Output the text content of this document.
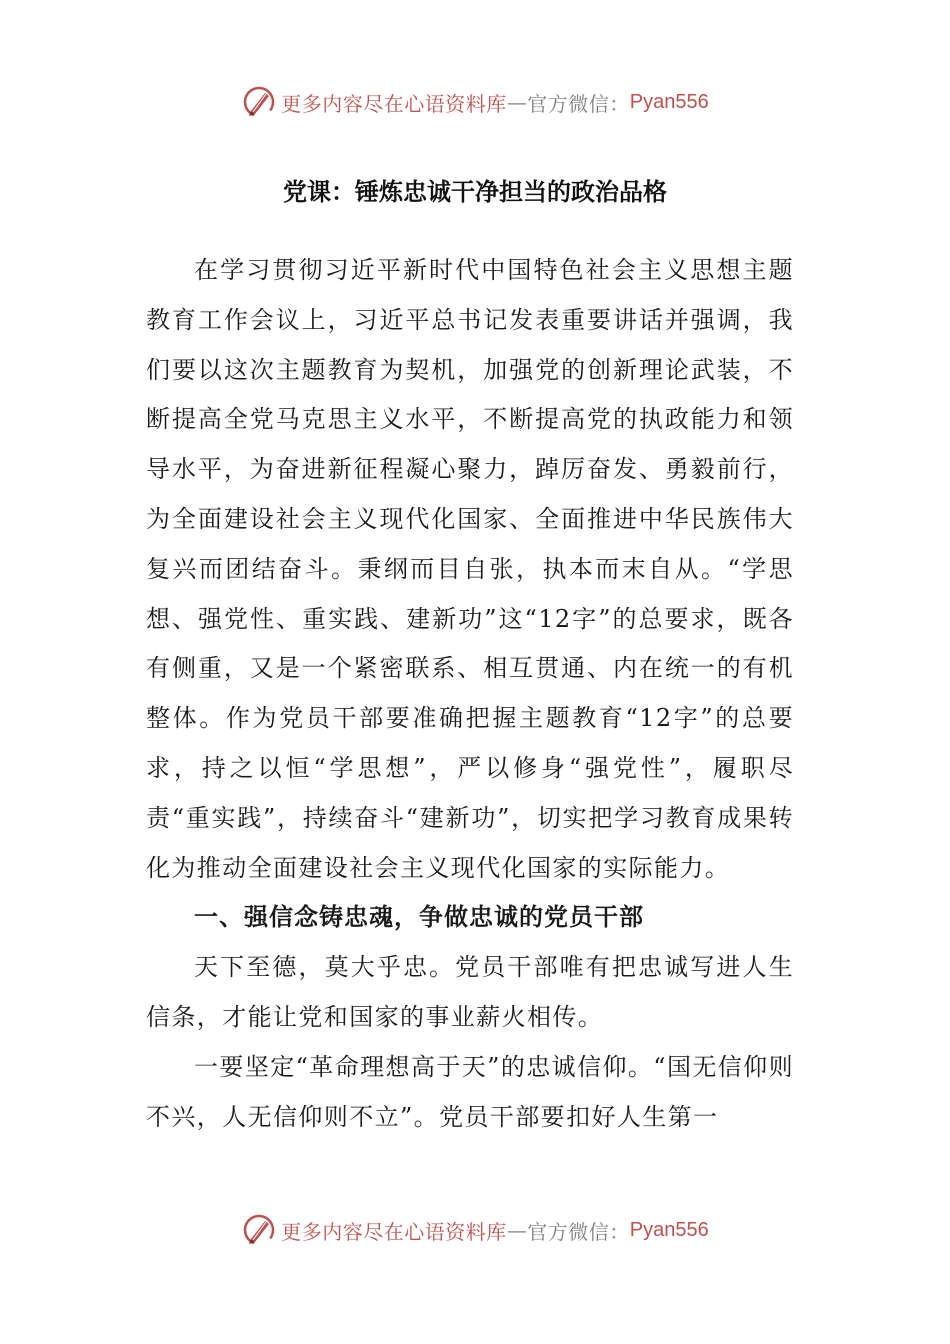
更多内容尽在心语资料库 — 官方微信： Pyan556
党课：锤炼忠诚干净担当的政治品格

在学习贯彻习近平新时代中国特色社会主义思想主题教育工作会议上，习近平总书记发表重要讲话并强调，我们要以这次主题教育为契机，加强党的创新理论武装，不断提高全党马克思主义水平，不断提高党的执政能力和领导水平，为奋进新征程凝心聚力，踔厉奋发、勇毅前行，为全面建设社会主义现代化国家、全面推进中华民族伟大复兴而团结奋斗。秉纲而目自张，执本而末自从。“学思想、强党性、重实践、建新功”这“12字”的总要求，既各有侧重，又是一个紧密联系、相互贯通、内在统一的有机整体。作为党员干部要准确把握主题教育“12字”的总要求，持之以恒“学思想”，严以修身“强党性”，履职尽责“重实践”，持续奋斗“建新功”，切实把学习教育成果转化为推动全面建设社会主义现代化国家的实际能力。

一、强信念铸忠魂，争做忠诚的党员干部

天下至德，莫大乎忠。党员干部唯有把忠诚写进人生信条，才能让党和国家的事业薪火相传。

一要坚定“革命理想高于天”的忠诚信仰。“国无信仰则不兴，人无信仰则不立”。党员干部要扣好人生第一

更多内容尽在心语资料库 — 官方微信： Pyan556
